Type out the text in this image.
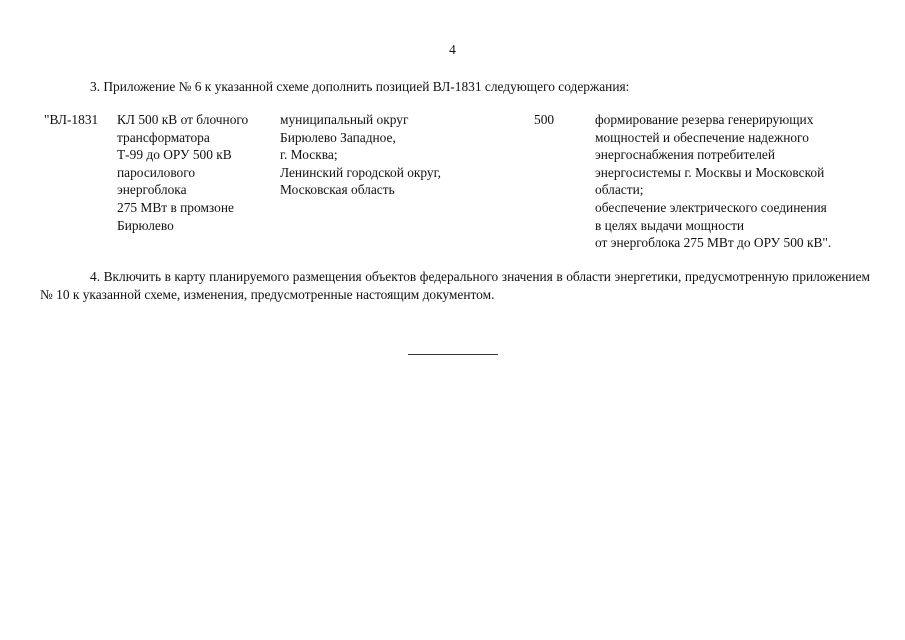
4

3. Приложение № 6 к указанной схеме дополнить позицией ВЛ-1831 следующего содержания:

"ВЛ-1831	КЛ 500 кВ от блочного
трансформатора
Т-99 до ОРУ 500 кВ
паросилового
энергоблока
275 МВт в промзоне
Бирюлево
муниципальный округ
Бирюлево Западное,
г. Москва;
Ленинский городской округ,
Московская область
500	формирование резерва генерирующих
мощностей и обеспечение надежного
энергоснабжения потребителей
энергосистемы г. Москвы и Московской
области;
обеспечение электрического соединения
в целях выдачи мощности
от энергоблока 275 МВт до ОРУ 500 кВ".

4. Включить в карту планируемого размещения объектов федерального значения в области энергетики, предусмотренную приложением № 10 к указанной схеме, изменения, предусмотренные настоящим документом.
